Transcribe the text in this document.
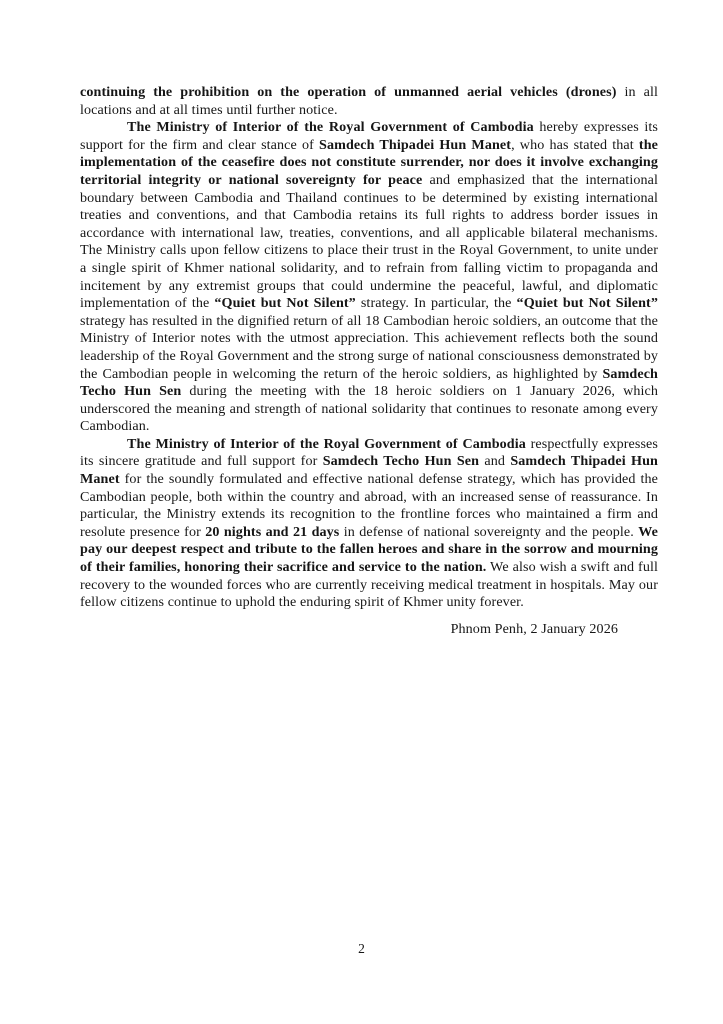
continuing the prohibition on the operation of unmanned aerial vehicles (drones) in all locations and at all times until further notice.

The Ministry of Interior of the Royal Government of Cambodia hereby expresses its support for the firm and clear stance of Samdech Thipadei Hun Manet, who has stated that the implementation of the ceasefire does not constitute surrender, nor does it involve exchanging territorial integrity or national sovereignty for peace and emphasized that the international boundary between Cambodia and Thailand continues to be determined by existing international treaties and conventions, and that Cambodia retains its full rights to address border issues in accordance with international law, treaties, conventions, and all applicable bilateral mechanisms. The Ministry calls upon fellow citizens to place their trust in the Royal Government, to unite under a single spirit of Khmer national solidarity, and to refrain from falling victim to propaganda and incitement by any extremist groups that could undermine the peaceful, lawful, and diplomatic implementation of the “Quiet but Not Silent” strategy. In particular, the “Quiet but Not Silent” strategy has resulted in the dignified return of all 18 Cambodian heroic soldiers, an outcome that the Ministry of Interior notes with the utmost appreciation. This achievement reflects both the sound leadership of the Royal Government and the strong surge of national consciousness demonstrated by the Cambodian people in welcoming the return of the heroic soldiers, as highlighted by Samdech Techo Hun Sen during the meeting with the 18 heroic soldiers on 1 January 2026, which underscored the meaning and strength of national solidarity that continues to resonate among every Cambodian.

The Ministry of Interior of the Royal Government of Cambodia respectfully expresses its sincere gratitude and full support for Samdech Techo Hun Sen and Samdech Thipadei Hun Manet for the soundly formulated and effective national defense strategy, which has provided the Cambodian people, both within the country and abroad, with an increased sense of reassurance. In particular, the Ministry extends its recognition to the frontline forces who maintained a firm and resolute presence for 20 nights and 21 days in defense of national sovereignty and the people. We pay our deepest respect and tribute to the fallen heroes and share in the sorrow and mourning of their families, honoring their sacrifice and service to the nation. We also wish a swift and full recovery to the wounded forces who are currently receiving medical treatment in hospitals. May our fellow citizens continue to uphold the enduring spirit of Khmer unity forever.

Phnom Penh, 2 January 2026
2
